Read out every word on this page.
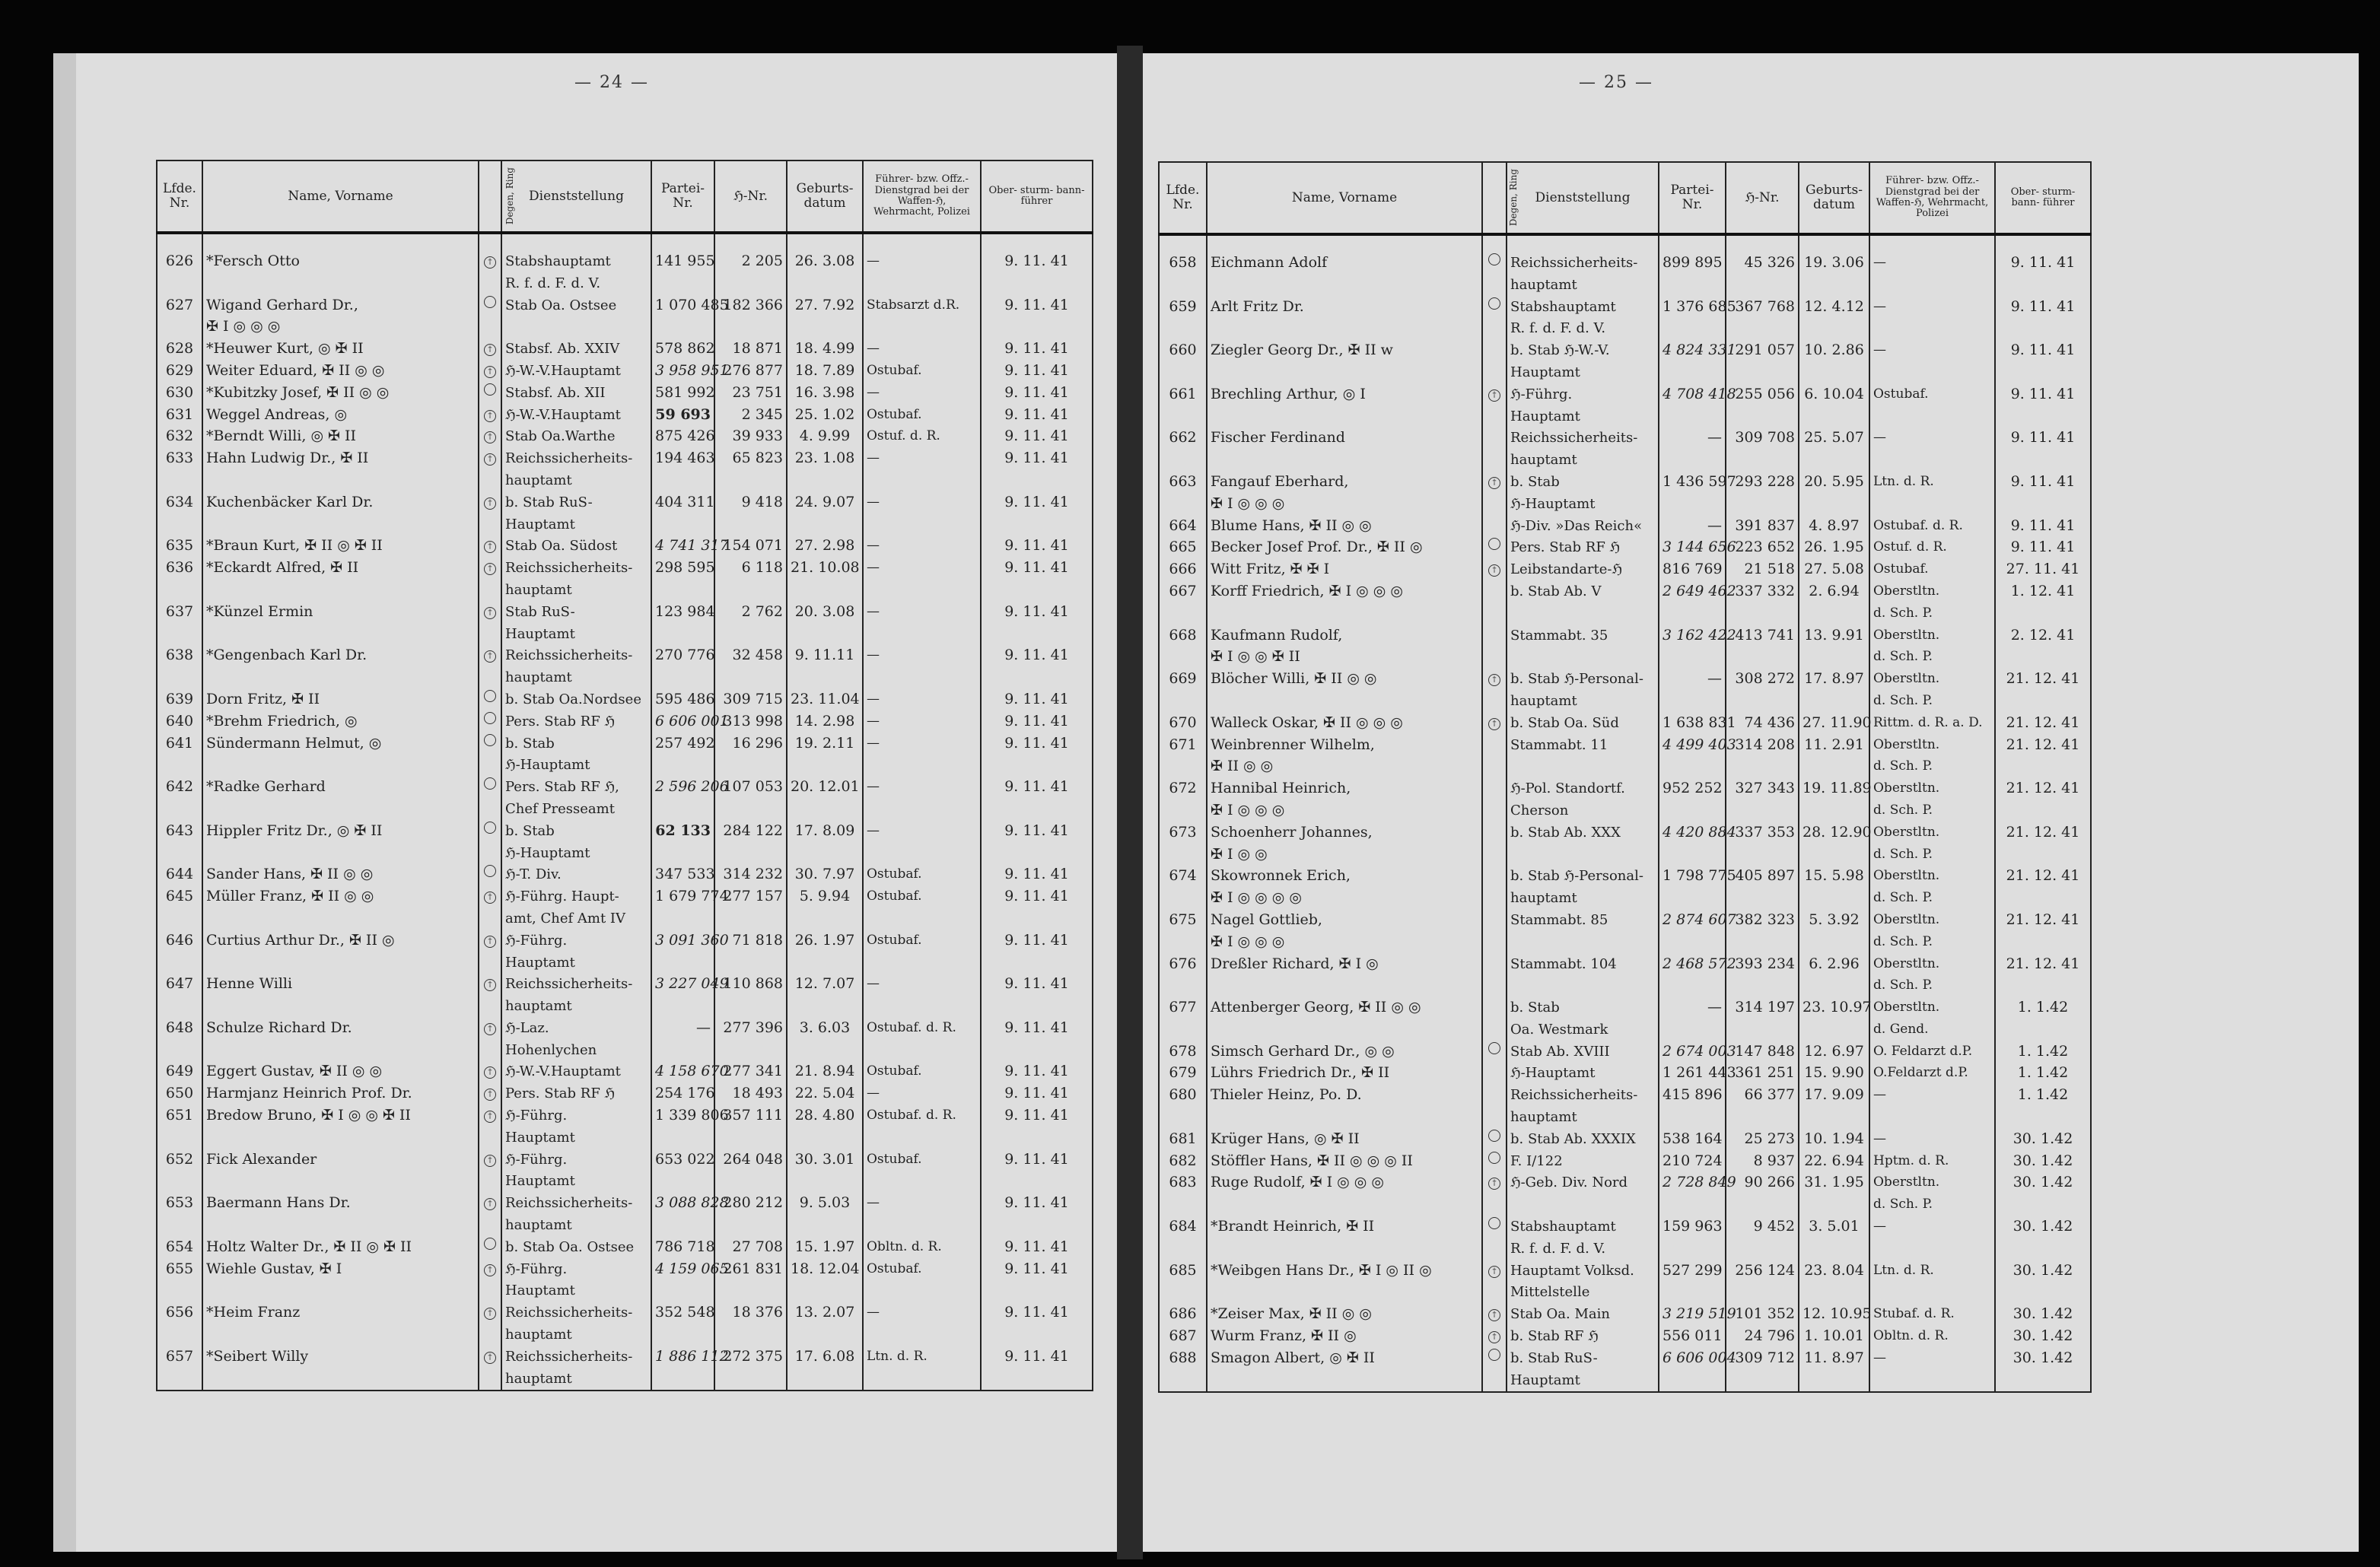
— 24 —	— 25 —
Lfde. Nr.	Name, Vorname	Degen, Ring	Dienststellung	Partei- Nr.	ℌ-Nr.	Geburts- datum	Führer- bzw. Offz.- Dienstgrad bei der Waffen-ℌ, Wehrmacht, Polizei	Ober- sturm- bann- führer

626	*Fersch Otto	†	Stabshauptamt	141 955	2 205	26. 3.08	—	9. 11. 41
			R. f. d. F. d. V.					
627	Wigand Gerhard Dr.,		Stab Oa. Ostsee	1 070 485	182 366	27. 7.92	Stabsarzt d.R.	9. 11. 41
	✠ I ◎ ◎ ◎							
628	*Heuwer Kurt, ◎ ✠ II	†	Stabsf. Ab. XXIV	578 862	18 871	18. 4.99	—	9. 11. 41
629	Weiter Eduard, ✠ II ◎ ◎	†	ℌ-W.-V.Hauptamt	3 958 951	276 877	18. 7.89	Ostubaf.	9. 11. 41
630	*Kubitzky Josef, ✠ II ◎ ◎		Stabsf. Ab. XII	581 992	23 751	16. 3.98	—	9. 11. 41
631	Weggel Andreas, ◎	†	ℌ-W.-V.Hauptamt	59 693	2 345	25. 1.02	Ostubaf.	9. 11. 41
632	*Berndt Willi, ◎ ✠ II	†	Stab Oa.Warthe	875 426	39 933	4. 9.99	Ostuf. d. R.	9. 11. 41
633	Hahn Ludwig Dr., ✠ II	†	Reichssicherheits-	194 463	65 823	23. 1.08	—	9. 11. 41
			hauptamt					
634	Kuchenbäcker Karl Dr.	†	b. Stab RuS-	404 311	9 418	24. 9.07	—	9. 11. 41
			Hauptamt					
635	*Braun Kurt, ✠ II ◎ ✠ II	†	Stab Oa. Südost	4 741 317	154 071	27. 2.98	—	9. 11. 41
636	*Eckardt Alfred, ✠ II	†	Reichssicherheits-	298 595	6 118	21. 10.08	—	9. 11. 41
			hauptamt					
637	*Künzel Ermin	†	Stab RuS-	123 984	2 762	20. 3.08	—	9. 11. 41
			Hauptamt					
638	*Gengenbach Karl Dr.	†	Reichssicherheits-	270 776	32 458	9. 11.11	—	9. 11. 41
			hauptamt					
639	Dorn Fritz, ✠ II		b. Stab Oa.Nordsee	595 486	309 715	23. 11.04	—	9. 11. 41
640	*Brehm Friedrich, ◎		Pers. Stab RF ℌ	6 606 001	313 998	14. 2.98	—	9. 11. 41
641	Sündermann Helmut, ◎		b. Stab	257 492	16 296	19. 2.11	—	9. 11. 41
			ℌ-Hauptamt					
642	*Radke Gerhard		Pers. Stab RF ℌ,	2 596 206	107 053	20. 12.01	—	9. 11. 41
			Chef Presseamt					
643	Hippler Fritz Dr., ◎ ✠ II		b. Stab	62 133	284 122	17. 8.09	—	9. 11. 41
			ℌ-Hauptamt					
644	Sander Hans, ✠ II ◎ ◎		ℌ-T. Div.	347 533	314 232	30. 7.97	Ostubaf.	9. 11. 41
645	Müller Franz, ✠ II ◎ ◎	†	ℌ-Führg. Haupt-	1 679 774	277 157	5. 9.94	Ostubaf.	9. 11. 41
			amt, Chef Amt IV					
646	Curtius Arthur Dr., ✠ II ◎	†	ℌ-Führg.	3 091 360	71 818	26. 1.97	Ostubaf.	9. 11. 41
			Hauptamt					
647	Henne Willi	†	Reichssicherheits-	3 227 049	110 868	12. 7.07	—	9. 11. 41
			hauptamt					
648	Schulze Richard Dr.	†	ℌ-Laz.	—	277 396	3. 6.03	Ostubaf. d. R.	9. 11. 41
			Hohenlychen					
649	Eggert Gustav, ✠ II ◎ ◎	†	ℌ-W.-V.Hauptamt	4 158 670	277 341	21. 8.94	Ostubaf.	9. 11. 41
650	Harmjanz Heinrich Prof. Dr.	†	Pers. Stab RF ℌ	254 176	18 493	22. 5.04	—	9. 11. 41
651	Bredow Bruno, ✠ I ◎ ◎ ✠ II	†	ℌ-Führg.	1 339 806	357 111	28. 4.80	Ostubaf. d. R.	9. 11. 41
			Hauptamt					
652	Fick Alexander	†	ℌ-Führg.	653 022	264 048	30. 3.01	Ostubaf.	9. 11. 41
			Hauptamt					
653	Baermann Hans Dr.	†	Reichssicherheits-	3 088 828	280 212	9. 5.03	—	9. 11. 41
			hauptamt					
654	Holtz Walter Dr., ✠ II ◎ ✠ II		b. Stab Oa. Ostsee	786 718	27 708	15. 1.97	Obltn. d. R.	9. 11. 41
655	Wiehle Gustav, ✠ I	†	ℌ-Führg.	4 159 065	261 831	18. 12.04	Ostubaf.	9. 11. 41
			Hauptamt					
656	*Heim Franz	†	Reichssicherheits-	352 548	18 376	13. 2.07	—	9. 11. 41
			hauptamt					
657	*Seibert Willy	†	Reichssicherheits-	1 886 112	272 375	17. 6.08	Ltn. d. R.	9. 11. 41
			hauptamt					
Lfde. Nr.	Name, Vorname	Degen, Ring	Dienststellung	Partei- Nr.	ℌ-Nr.	Geburts- datum	Führer- bzw. Offz.- Dienstgrad bei der Waffen-ℌ, Wehrmacht, Polizei	Ober- sturm- bann- führer

658	Eichmann Adolf		Reichssicherheits-	899 895	45 326	19. 3.06	—	9. 11. 41
			hauptamt					
659	Arlt Fritz Dr.		Stabshauptamt	1 376 685	367 768	12. 4.12	—	9. 11. 41
			R. f. d. F. d. V.					
660	Ziegler Georg Dr., ✠ II w		b. Stab ℌ-W.-V.	4 824 331	291 057	10. 2.86	—	9. 11. 41
			Hauptamt					
661	Brechling Arthur, ◎ I	†	ℌ-Führg.	4 708 418	255 056	6. 10.04	Ostubaf.	9. 11. 41
			Hauptamt					
662	Fischer Ferdinand		Reichssicherheits-	—	309 708	25. 5.07	—	9. 11. 41
			hauptamt					
663	Fangauf Eberhard,	†	b. Stab	1 436 597	293 228	20. 5.95	Ltn. d. R.	9. 11. 41
	✠ I ◎ ◎ ◎		ℌ-Hauptamt					
664	Blume Hans, ✠ II ◎ ◎		ℌ-Div. »Das Reich«	—	391 837	4. 8.97	Ostubaf. d. R.	9. 11. 41
665	Becker Josef Prof. Dr., ✠ II ◎		Pers. Stab RF ℌ	3 144 656	223 652	26. 1.95	Ostuf. d. R.	9. 11. 41
666	Witt Fritz, ✠ ✠ I	†	Leibstandarte-ℌ	816 769	21 518	27. 5.08	Ostubaf.	27. 11. 41
667	Korff Friedrich, ✠ I ◎ ◎ ◎		b. Stab Ab. V	2 649 462	337 332	2. 6.94	Oberstltn.	1. 12. 41
							d. Sch. P.	
668	Kaufmann Rudolf,		Stammabt. 35	3 162 422	413 741	13. 9.91	Oberstltn.	2. 12. 41
	✠ I ◎ ◎ ✠ II						d. Sch. P.	
669	Blöcher Willi, ✠ II ◎ ◎	†	b. Stab ℌ-Personal-	—	308 272	17. 8.97	Oberstltn.	21. 12. 41
			hauptamt				d. Sch. P.	
670	Walleck Oskar, ✠ II ◎ ◎ ◎	†	b. Stab Oa. Süd	1 638 831	74 436	27. 11.90	Rittm. d. R. a. D.	21. 12. 41
671	Weinbrenner Wilhelm,		Stammabt. 11	4 499 403	314 208	11. 2.91	Oberstltn.	21. 12. 41
	✠ II ◎ ◎						d. Sch. P.	
672	Hannibal Heinrich,		ℌ-Pol. Standortf.	952 252	327 343	19. 11.89	Oberstltn.	21. 12. 41
	✠ I ◎ ◎ ◎		Cherson				d. Sch. P.	
673	Schoenherr Johannes,		b. Stab Ab. XXX	4 420 884	337 353	28. 12.90	Oberstltn.	21. 12. 41
	✠ I ◎ ◎						d. Sch. P.	
674	Skowronnek Erich,		b. Stab ℌ-Personal-	1 798 775	405 897	15. 5.98	Oberstltn.	21. 12. 41
	✠ I ◎ ◎ ◎ ◎		hauptamt				d. Sch. P.	
675	Nagel Gottlieb,		Stammabt. 85	2 874 607	382 323	5. 3.92	Oberstltn.	21. 12. 41
	✠ I ◎ ◎ ◎						d. Sch. P.	
676	Dreßler Richard, ✠ I ◎		Stammabt. 104	2 468 572	393 234	6. 2.96	Oberstltn.	21. 12. 41
							d. Sch. P.	
677	Attenberger Georg, ✠ II ◎ ◎		b. Stab	—	314 197	23. 10.97	Oberstltn.	1. 1.42
			Oa. Westmark				d. Gend.	
678	Simsch Gerhard Dr., ◎ ◎		Stab Ab. XVIII	2 674 003	147 848	12. 6.97	O. Feldarzt d.P.	1. 1.42
679	Lührs Friedrich Dr., ✠ II		ℌ-Hauptamt	1 261 443	361 251	15. 9.90	O.Feldarzt d.P.	1. 1.42
680	Thieler Heinz, Po. D.		Reichssicherheits-	415 896	66 377	17. 9.09	—	1. 1.42
			hauptamt					
681	Krüger Hans, ◎ ✠ II		b. Stab Ab. XXXIX	538 164	25 273	10. 1.94	—	30. 1.42
682	Stöffler Hans, ✠ II ◎ ◎ ◎ II		F. I/122	210 724	8 937	22. 6.94	Hptm. d. R.	30. 1.42
683	Ruge Rudolf, ✠ I ◎ ◎ ◎	†	ℌ-Geb. Div. Nord	2 728 849	90 266	31. 1.95	Oberstltn.	30. 1.42
							d. Sch. P.	
684	*Brandt Heinrich, ✠ II		Stabshauptamt	159 963	9 452	3. 5.01	—	30. 1.42
			R. f. d. F. d. V.					
685	*Weibgen Hans Dr., ✠ I ◎ II ◎	†	Hauptamt Volksd.	527 299	256 124	23. 8.04	Ltn. d. R.	30. 1.42
			Mittelstelle					
686	*Zeiser Max, ✠ II ◎ ◎	†	Stab Oa. Main	3 219 519	101 352	12. 10.95	Stubaf. d. R.	30. 1.42
687	Wurm Franz, ✠ II ◎	†	b. Stab RF ℌ	556 011	24 796	1. 10.01	Obltn. d. R.	30. 1.42
688	Smagon Albert, ◎ ✠ II		b. Stab RuS-	6 606 004	309 712	11. 8.97	—	30. 1.42
			Hauptamt					
